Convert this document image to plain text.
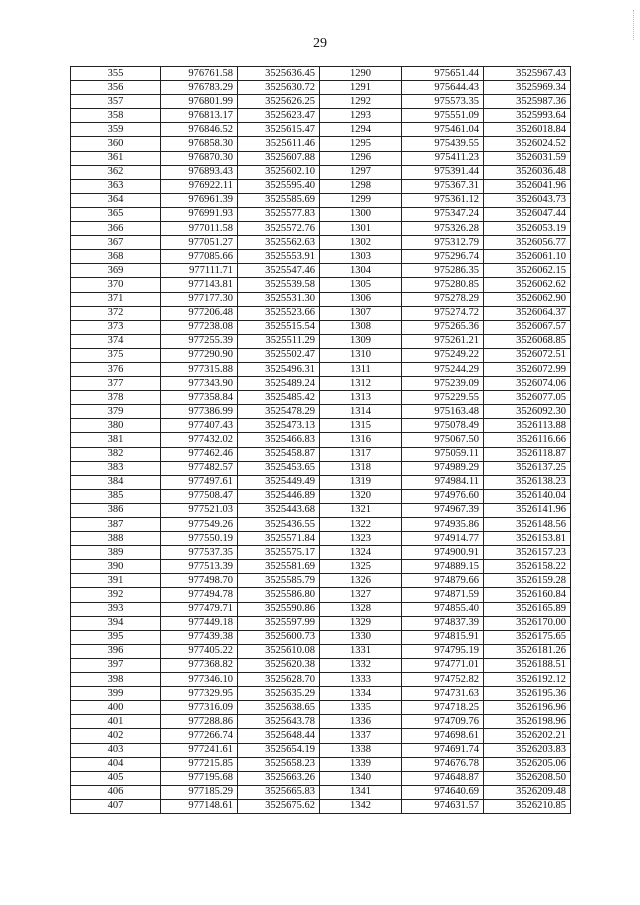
29
355	976761.58	3525636.45	1290	975651.44	3525967.43
356	976783.29	3525630.72	1291	975644.43	3525969.34
357	976801.99	3525626.25	1292	975573.35	3525987.36
358	976813.17	3525623.47	1293	975551.09	3525993.64
359	976846.52	3525615.47	1294	975461.04	3526018.84
360	976858.30	3525611.46	1295	975439.55	3526024.52
361	976870.30	3525607.88	1296	975411.23	3526031.59
362	976893.43	3525602.10	1297	975391.44	3526036.48
363	976922.11	3525595.40	1298	975367.31	3526041.96
364	976961.39	3525585.69	1299	975361.12	3526043.73
365	976991.93	3525577.83	1300	975347.24	3526047.44
366	977011.58	3525572.76	1301	975326.28	3526053.19
367	977051.27	3525562.63	1302	975312.79	3526056.77
368	977085.66	3525553.91	1303	975296.74	3526061.10
369	977111.71	3525547.46	1304	975286.35	3526062.15
370	977143.81	3525539.58	1305	975280.85	3526062.62
371	977177.30	3525531.30	1306	975278.29	3526062.90
372	977206.48	3525523.66	1307	975274.72	3526064.37
373	977238.08	3525515.54	1308	975265.36	3526067.57
374	977255.39	3525511.29	1309	975261.21	3526068.85
375	977290.90	3525502.47	1310	975249.22	3526072.51
376	977315.88	3525496.31	1311	975244.29	3526072.99
377	977343.90	3525489.24	1312	975239.09	3526074.06
378	977358.84	3525485.42	1313	975229.55	3526077.05
379	977386.99	3525478.29	1314	975163.48	3526092.30
380	977407.43	3525473.13	1315	975078.49	3526113.88
381	977432.02	3525466.83	1316	975067.50	3526116.66
382	977462.46	3525458.87	1317	975059.11	3526118.87
383	977482.57	3525453.65	1318	974989.29	3526137.25
384	977497.61	3525449.49	1319	974984.11	3526138.23
385	977508.47	3525446.89	1320	974976.60	3526140.04
386	977521.03	3525443.68	1321	974967.39	3526141.96
387	977549.26	3525436.55	1322	974935.86	3526148.56
388	977550.19	3525571.84	1323	974914.77	3526153.81
389	977537.35	3525575.17	1324	974900.91	3526157.23
390	977513.39	3525581.69	1325	974889.15	3526158.22
391	977498.70	3525585.79	1326	974879.66	3526159.28
392	977494.78	3525586.80	1327	974871.59	3526160.84
393	977479.71	3525590.86	1328	974855.40	3526165.89
394	977449.18	3525597.99	1329	974837.39	3526170.00
395	977439.38	3525600.73	1330	974815.91	3526175.65
396	977405.22	3525610.08	1331	974795.19	3526181.26
397	977368.82	3525620.38	1332	974771.01	3526188.51
398	977346.10	3525628.70	1333	974752.82	3526192.12
399	977329.95	3525635.29	1334	974731.63	3526195.36
400	977316.09	3525638.65	1335	974718.25	3526196.96
401	977288.86	3525643.78	1336	974709.76	3526198.96
402	977266.74	3525648.44	1337	974698.61	3526202.21
403	977241.61	3525654.19	1338	974691.74	3526203.83
404	977215.85	3525658.23	1339	974676.78	3526205.06
405	977195.68	3525663.26	1340	974648.87	3526208.50
406	977185.29	3525665.83	1341	974640.69	3526209.48
407	977148.61	3525675.62	1342	974631.57	3526210.85
